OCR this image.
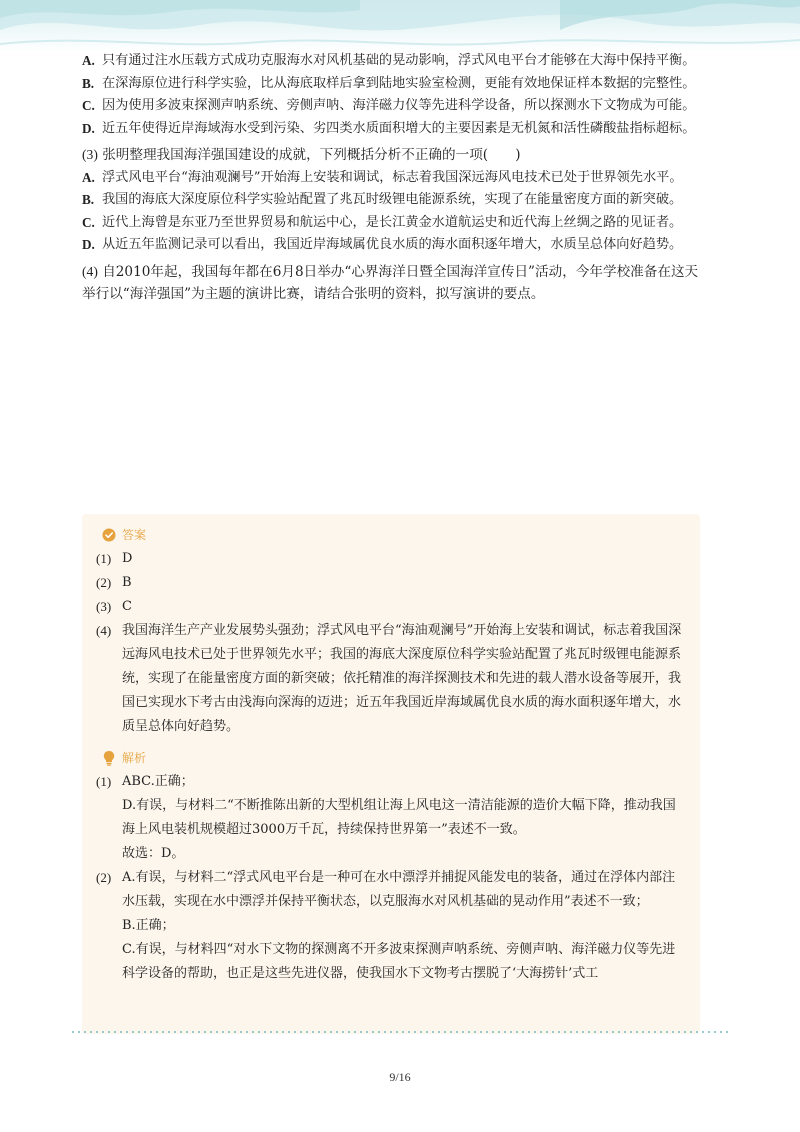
A. 只有通过注水压载方式成功克服海水对风机基础的晃动影响，浮式风电平台才能够在大海中保持平衡。
B. 在深海原位进行科学实验，比从海底取样后拿到陆地实验室检测，更能有效地保证样本数据的完整性。
C. 因为使用多波束探测声呐系统、旁侧声呐、海洋磁力仪等先进科学设备，所以探测水下文物成为可能。
D. 近五年使得近岸海域海水受到污染、劣四类水质面积增大的主要因素是无机氮和活性磷酸盐指标超标。
(3) 张明整理我国海洋强国建设的成就，下列概括分析不正确的一项(　　)
A. 浮式风电平台“海油观澜号”开始海上安装和调试，标志着我国深远海风电技术已处于世界领先水平。
B. 我国的海底大深度原位科学实验站配置了兆瓦时级锂电能源系统，实现了在能量密度方面的新突破。
C. 近代上海曾是东亚乃至世界贸易和航运中心，是长江黄金水道航运史和近代海上丝绸之路的见证者。
D. 从近五年监测记录可以看出，我国近岸海域属优良水质的海水面积逐年增大，水质呈总体向好趋势。
(4) 自2010年起，我国每年都在6月8日举办“心界海洋日暨全国海洋宣传日”活动，今年学校准备在这天举行以“海洋强国”为主题的演讲比赛，请结合张明的资料，拟写演讲的要点。
答案
(1) D
(2) B
(3) C
(4) 我国海洋生产产业发展势头强劲；浮式风电平台“海油观澜号”开始海上安装和调试，标志着我国深远海风电技术已处于世界领先水平；我国的海底大深度原位科学实验站配置了兆瓦时级锂电能源系统，实现了在能量密度方面的新突破；依托精准的海洋探测技术和先进的载人潜水设备等展开，我国已实现水下考古由浅海向深海的迈进；近五年我国近岸海域属优良水质的海水面积逐年增大，水质呈总体向好趋势。
解析
(1) ABC.正确；
D.有误，与材料二“不断推陈出新的大型机组让海上风电这一清洁能源的造价大幅下降，推动我国海上风电装机规模超过3000万千瓦，持续保持世界第一”表述不一致。
故选：D。
(2) A.有误，与材料二“浮式风电平台是一种可在水中漂浮并捕捉风能发电的装备，通过在浮体内部注水压载，实现在水中漂浮并保持平衡状态，以克服海水对风机基础的晃动作用”表述不一致；
B.正确；
C.有误，与材料四“对水下文物的探测离不开多波束探测声呐系统、旁侧声呐、海洋磁力仪等先进科学设备的帮助，也正是这些先进仪器，使我国水下文物考古摆脱了‘大海捞针’式工
9/16
